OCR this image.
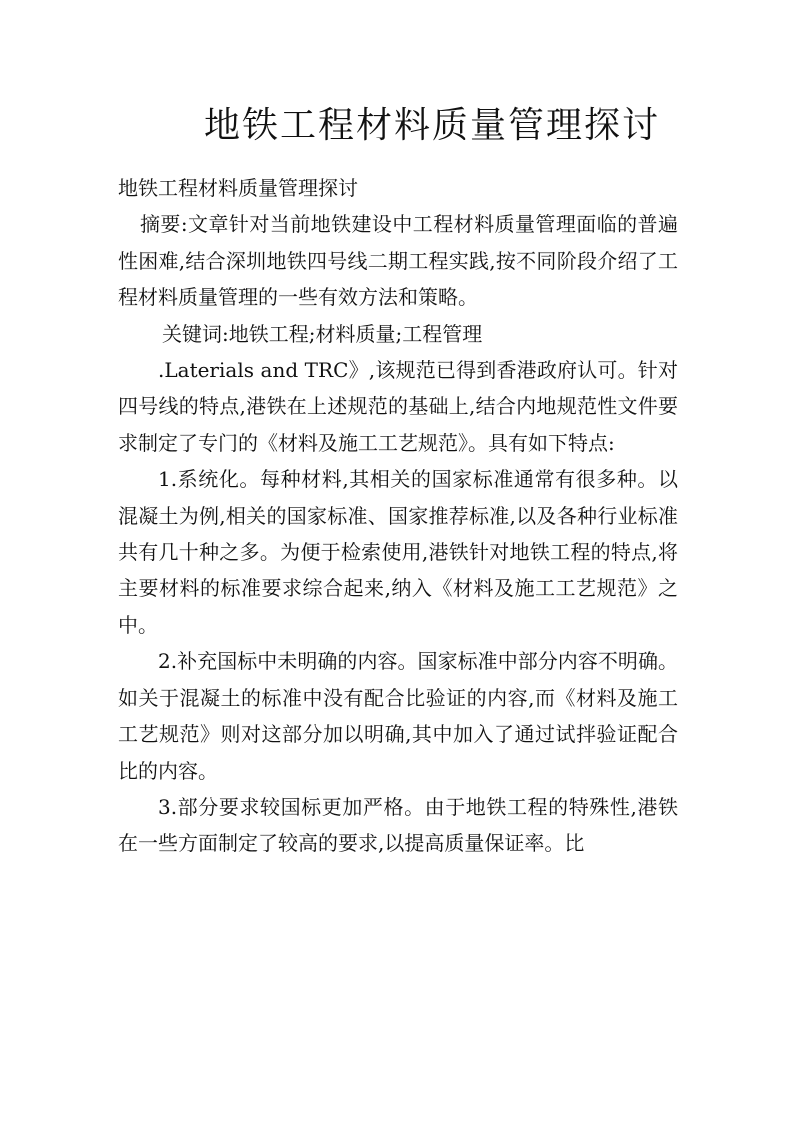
地铁工程材料质量管理探讨

地铁工程材料质量管理探讨

摘要:文章针对当前地铁建设中工程材料质量管理面临的普遍性困难,结合深圳地铁四号线二期工程实践,按不同阶段介绍了工程材料质量管理的一些有效方法和策略。

关键词:地铁工程;材料质量;工程管理

.Laterials and TRC》,该规范已得到香港政府认可。针对四号线的特点,港铁在上述规范的基础上,结合内地规范性文件要求制定了专门的《材料及施工工艺规范》。具有如下特点:

1.系统化。每种材料,其相关的国家标准通常有很多种。以混凝土为例,相关的国家标准、国家推荐标准,以及各种行业标准共有几十种之多。为便于检索使用,港铁针对地铁工程的特点,将主要材料的标准要求综合起来,纳入《材料及施工工艺规范》之中。

2.补充国标中未明确的内容。国家标准中部分内容不明确。如关于混凝土的标准中没有配合比验证的内容,而《材料及施工工艺规范》则对这部分加以明确,其中加入了通过试拌验证配合比的内容。

3.部分要求较国标更加严格。由于地铁工程的特殊性,港铁在一些方面制定了较高的要求,以提高质量保证率。比
